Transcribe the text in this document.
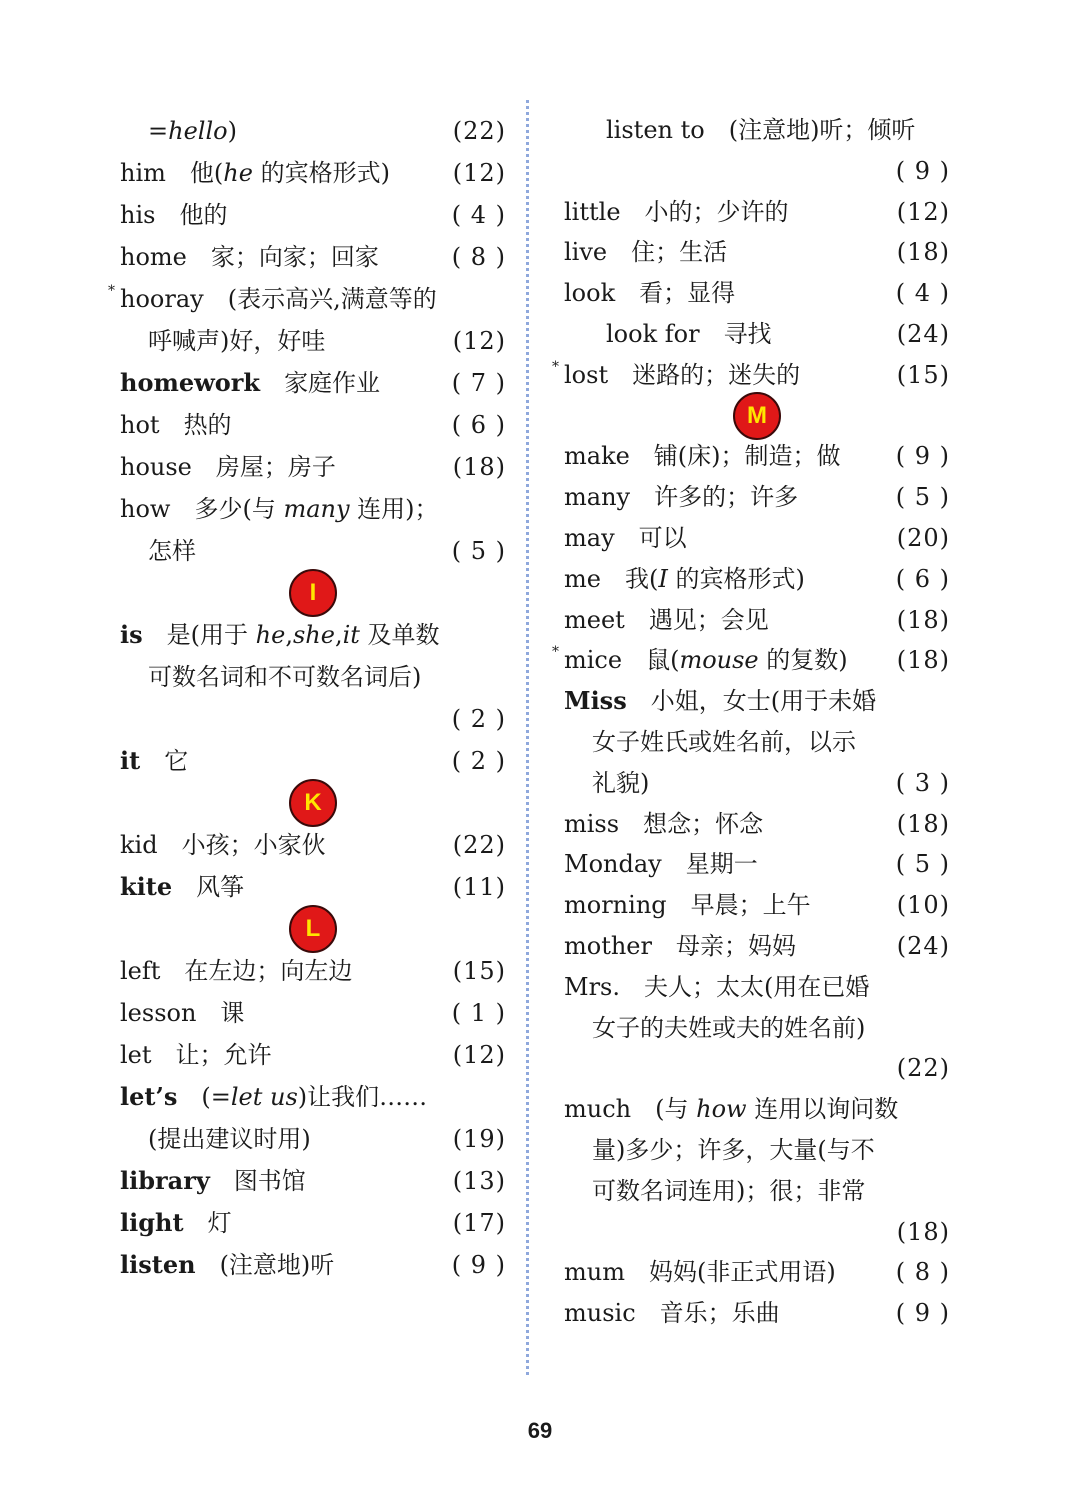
=hello)	(22)
him 他(he 的宾格形式)	(12)
his 他的	( 4 )
home 家；向家；回家	( 8 )
* hooray (表示高兴,满意等的
呼喊声)好，好哇	(12)
homework 家庭作业	( 7 )
hot 热的	( 6 )
house 房屋；房子	(18)
how 多少(与 many 连用)；
怎样	( 5 )
I
is 是(用于 he,she,it 及单数
可数名词和不可数名词后)
( 2 )
it 它	( 2 )
K
kid 小孩；小家伙	(22)
kite 风筝	(11)
L
left 在左边；向左边	(15)
lesson 课	( 1 )
let 让；允许	(12)
let’s (=let us)让我们……
(提出建议时用)	(19)
library 图书馆	(13)
light 灯	(17)
listen (注意地)听	( 9 )
listen to (注意地)听；倾听
( 9 )
little 小的；少许的	(12)
live 住；生活	(18)
look 看；显得	( 4 )
look for 寻找	(24)
* lost 迷路的；迷失的	(15)
M
make 铺(床)；制造；做 ( 9 )
many 许多的；许多	( 5 )
may 可以	(20)
me 我(I 的宾格形式)	( 6 )
meet 遇见；会见	(18)
* mice 鼠(mouse 的复数) (18)
Miss 小姐，女士(用于未婚
女子姓氏或姓名前，以示
礼貌)	( 3 )
miss 想念；怀念	(18)
Monday 星期一	( 5 )
morning 早晨；上午	(10)
mother 母亲；妈妈	(24)
Mrs. 夫人；太太(用在已婚
女子的夫姓或夫的姓名前)
(22)
much (与 how 连用以询问数
量)多少；许多，大量(与不
可数名词连用)；很；非常
(18)
mum 妈妈(非正式用语)	( 8 )
music 音乐；乐曲	( 9 )
69
